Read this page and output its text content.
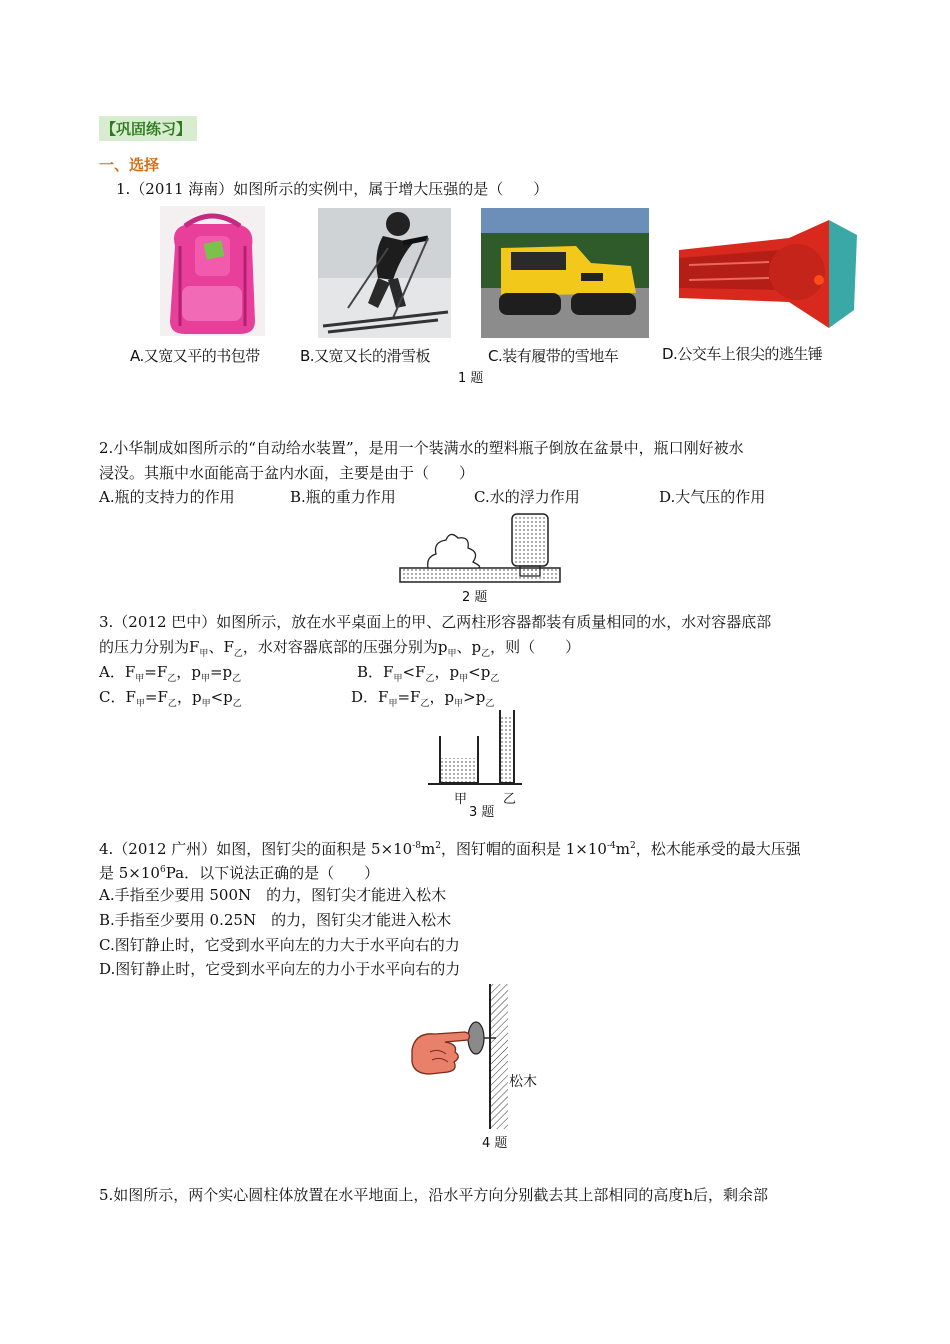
【巩固练习】
一、选择
1.（2011 海南）如图所示的实例中，属于增大压强的是（　　）
A.又宽又平的书包带	B.又宽又长的滑雪板	C.装有履带的雪地车	D.公交车上很尖的逃生锤
1 题
2.小华制成如图所示的“自动给水装置”，是用一个装满水的塑料瓶子倒放在盆景中，瓶口刚好被水
浸没。其瓶中水面能高于盆内水面，主要是由于（　　）
A.瓶的支持力的作用	B.瓶的重力作用	C.水的浮力作用	D.大气压的作用
2 题
3.（2012 巴中）如图所示，放在水平桌面上的甲、乙两柱形容器都装有质量相同的水，水对容器底部
的压力分别为$F_甲$、$F_乙$，水对容器底部的压强分别为$p_甲$、$p_乙$，则（　　）
A．$F_甲=F_乙$，$p_甲=p_乙$	B．$F_甲<F_乙$，$p_甲<p_乙$
C．$F_甲=F_乙$，$p_甲<p_乙$	D．$F_甲=F_乙$，$p_甲>p_乙$
甲	乙
3 题
4.（2012 广州）如图，图钉尖的面积是 $5\times 10^{-8}m^2$，图钉帽的面积是 $1\times 10^{-4}m^2$，松木能承受的最大压强
是 $5\times 10^6Pa$．以下说法正确的是（　　）
A.手指至少要用 500N　的力，图钉尖才能进入松木
B.手指至少要用 0.25N　的力，图钉尖才能进入松木
C.图钉静止时，它受到水平向左的力大于水平向右的力
D.图钉静止时，它受到水平向左的力小于水平向右的力
松木
4 题
5.如图所示，两个实心圆柱体放置在水平地面上，沿水平方向分别截去其上部相同的高度h后，剩余部
